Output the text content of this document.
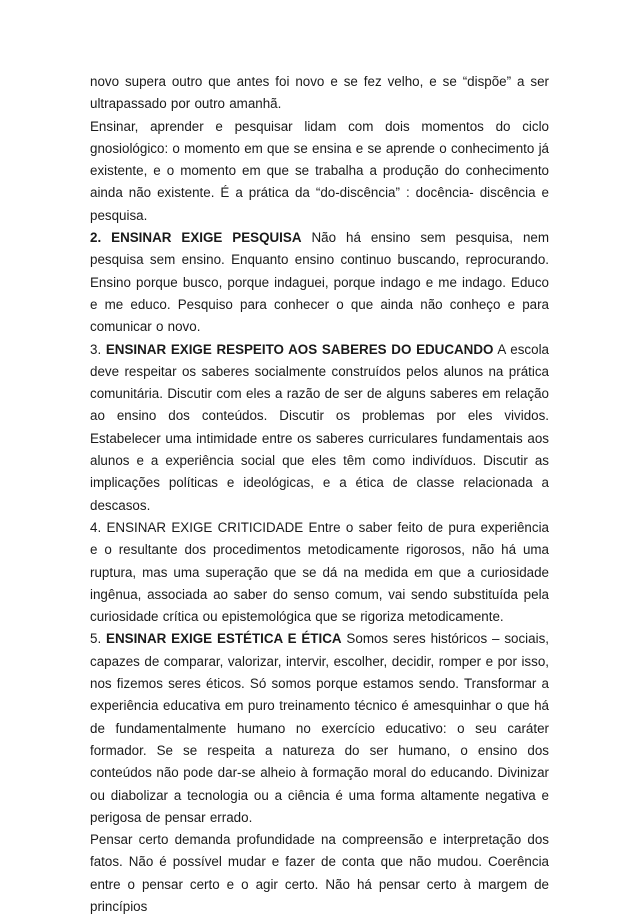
novo supera outro que antes foi novo e se fez velho, e se “dispõe” a ser ultrapassado por outro amanhã.

Ensinar, aprender e pesquisar lidam com dois momentos do ciclo gnosiológico: o momento em que se ensina e se aprende o conhecimento já existente, e o momento em que se trabalha a produção do conhecimento ainda não existente. É a prática da “do-discência” : docência- discência e pesquisa.

2. ENSINAR EXIGE PESQUISA Não há ensino sem pesquisa, nem pesquisa sem ensino. Enquanto ensino continuo buscando, reprocurando. Ensino porque busco, porque indaguei, porque indago e me indago. Educo e me educo. Pesquiso para conhecer o que ainda não conheço e para comunicar o novo.

3. ENSINAR EXIGE RESPEITO AOS SABERES DO EDUCANDO A escola deve respeitar os saberes socialmente construídos pelos alunos na prática comunitária. Discutir com eles a razão de ser de alguns saberes em relação ao ensino dos conteúdos. Discutir os problemas por eles vividos. Estabelecer uma intimidade entre os saberes curriculares fundamentais aos alunos e a experiência social que eles têm como indivíduos. Discutir as implicações políticas e ideológicas, e a ética de classe relacionada a descasos.

4. ENSINAR EXIGE CRITICIDADE Entre o saber feito de pura experiência e o resultante dos procedimentos metodicamente rigorosos, não há uma ruptura, mas uma superação que se dá na medida em que a curiosidade ingênua, associada ao saber do senso comum, vai sendo substituída pela curiosidade crítica ou epistemológica que se rigoriza metodicamente.

5. ENSINAR EXIGE ESTÉTICA E ÉTICA Somos seres históricos – sociais, capazes de comparar, valorizar, intervir, escolher, decidir, romper e por isso, nos fizemos seres éticos. Só somos porque estamos sendo. Transformar a experiência educativa em puro treinamento técnico é amesquinhar o que há de fundamentalmente humano no exercício educativo: o seu caráter formador. Se se respeita a natureza do ser humano, o ensino dos conteúdos não pode dar-se alheio à formação moral do educando. Divinizar ou diabolizar a tecnologia ou a ciência é uma forma altamente negativa e perigosa de pensar errado.

Pensar certo demanda profundidade na compreensão e interpretação dos fatos. Não é possível mudar e fazer de conta que não mudou. Coerência entre o pensar certo e o agir certo. Não há pensar certo à margem de princípios
